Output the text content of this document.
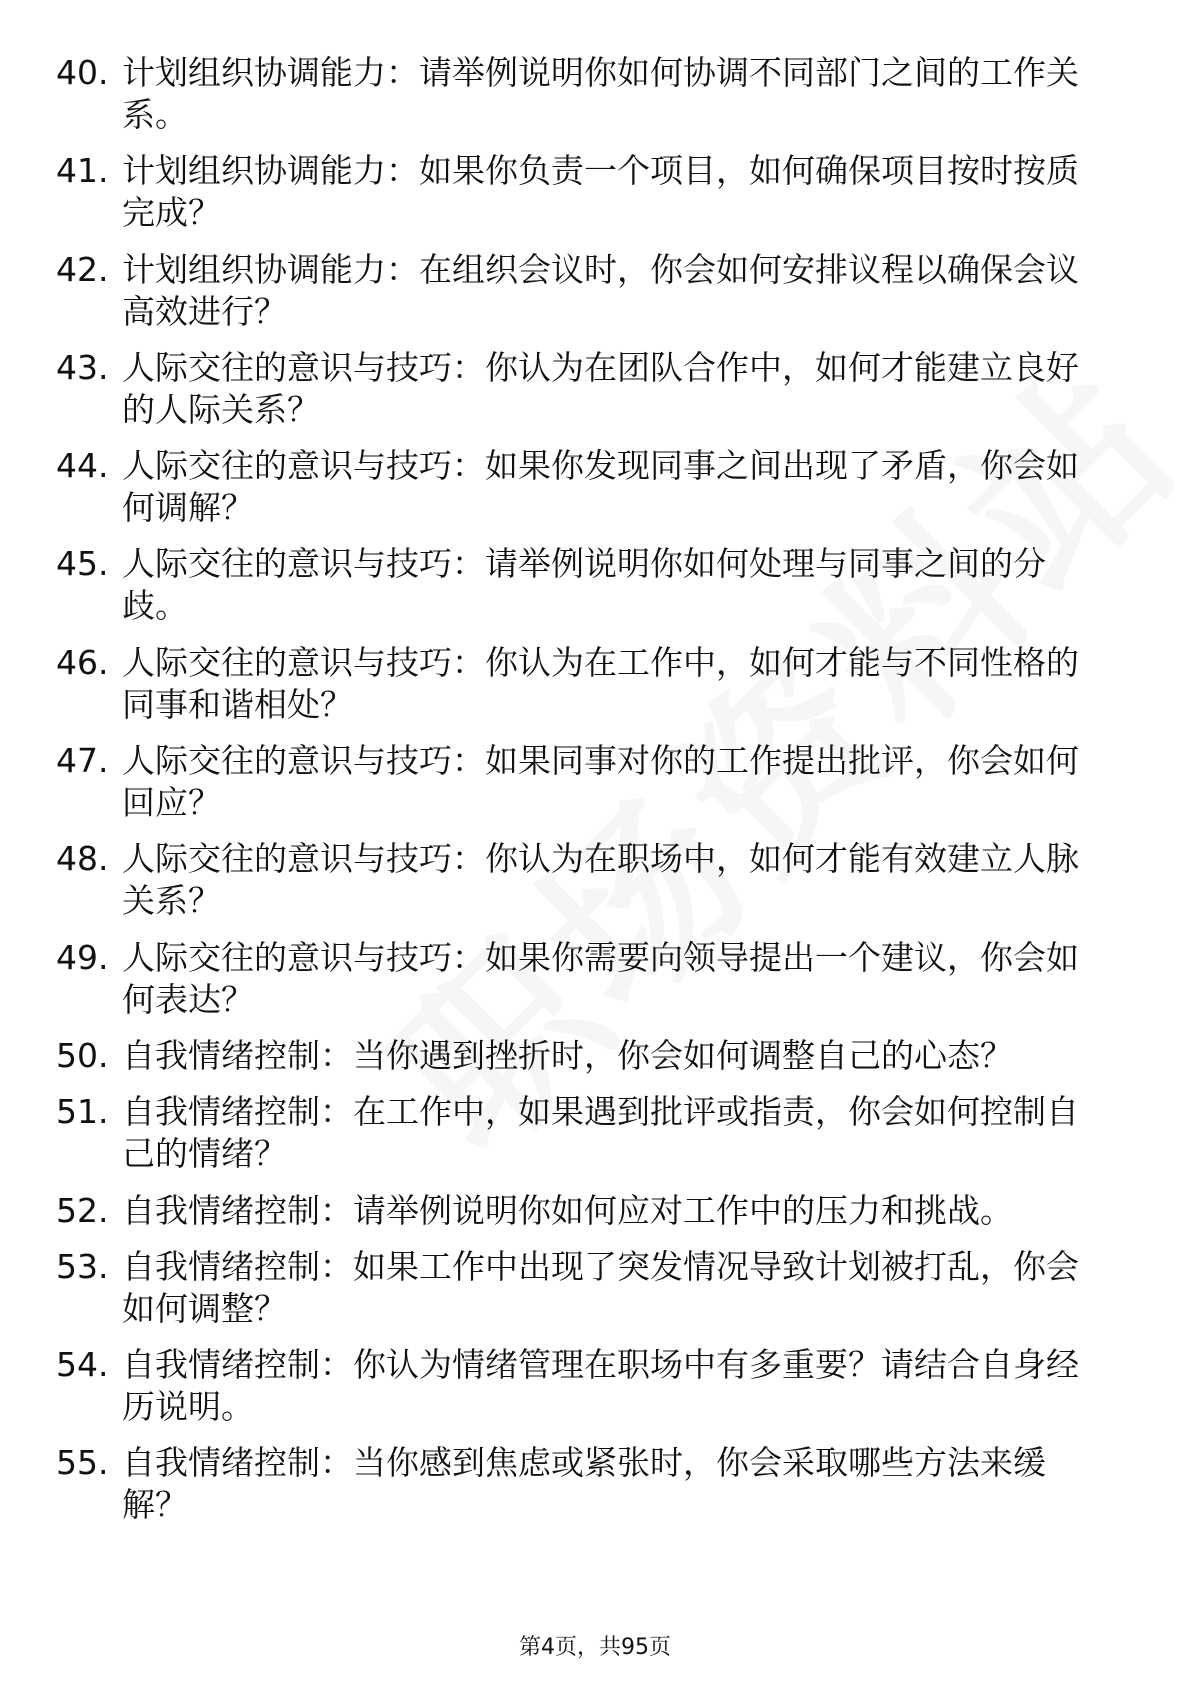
40. 计划组织协调能力：请举例说明你如何协调不同部门之间的工作关系。
41. 计划组织协调能力：如果你负责一个项目，如何确保项目按时按质完成？
42. 计划组织协调能力：在组织会议时，你会如何安排议程以确保会议高效进行？
43. 人际交往的意识与技巧：你认为在团队合作中，如何才能建立良好的人际关系？
44. 人际交往的意识与技巧：如果你发现同事之间出现了矛盾，你会如何调解？
45. 人际交往的意识与技巧：请举例说明你如何处理与同事之间的分歧。
46. 人际交往的意识与技巧：你认为在工作中，如何才能与不同性格的同事和谐相处？
47. 人际交往的意识与技巧：如果同事对你的工作提出批评，你会如何回应？
48. 人际交往的意识与技巧：你认为在职场中，如何才能有效建立人脉关系？
49. 人际交往的意识与技巧：如果你需要向领导提出一个建议，你会如何表达？
50. 自我情绪控制：当你遇到挫折时，你会如何调整自己的心态？
51. 自我情绪控制：在工作中，如果遇到批评或指责，你会如何控制自己的情绪？
52. 自我情绪控制：请举例说明你如何应对工作中的压力和挑战。
53. 自我情绪控制：如果工作中出现了突发情况导致计划被打乱，你会如何调整？
54. 自我情绪控制：你认为情绪管理在职场中有多重要？请结合自身经历说明。
55. 自我情绪控制：当你感到焦虑或紧张时，你会采取哪些方法来缓解？
第4页，共95页
